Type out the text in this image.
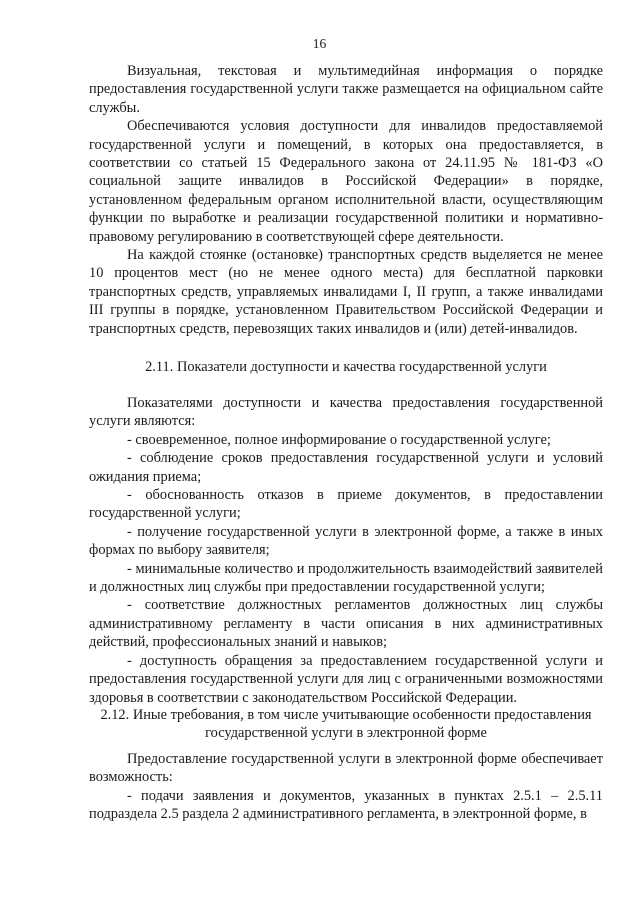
16

Визуальная, текстовая и мультимедийная информация о порядке предоставления государственной услуги также размещается на официальном сайте службы.

Обеспечиваются условия доступности для инвалидов предоставляемой государственной услуги и помещений, в которых она предоставляется, в соответствии со статьей 15 Федерального закона от 24.11.95 № 181-ФЗ «О социальной защите инвалидов в Российской Федерации» в порядке, установленном федеральным органом исполнительной власти, осуществляющим функции по выработке и реализации государственной политики и нормативно-правовому регулированию в соответствующей сфере деятельности.

На каждой стоянке (остановке) транспортных средств выделяется не менее 10 процентов мест (но не менее одного места) для бесплатной парковки транспортных средств, управляемых инвалидами I, II групп, а также инвалидами III группы в порядке, установленном Правительством Российской Федерации и транспортных средств, перевозящих таких инвалидов и (или) детей-инвалидов.

2.11. Показатели доступности и качества государственной услуги

Показателями доступности и качества предоставления государственной услуги являются:

- своевременное, полное информирование о государственной услуге;

- соблюдение сроков предоставления государственной услуги и условий ожидания приема;

- обоснованность отказов в приеме документов, в предоставлении государственной услуги;

- получение государственной услуги в электронной форме, а также в иных формах по выбору заявителя;

- минимальные количество и продолжительность взаимодействий заявителей и должностных лиц службы при предоставлении государственной услуги;

- соответствие должностных регламентов должностных лиц службы административному регламенту в части описания в них административных действий, профессиональных знаний и навыков;

- доступность обращения за предоставлением государственной услуги и предоставления государственной услуги для лиц с ограниченными возможностями здоровья в соответствии с законодательством Российской Федерации.

2.12. Иные требования, в том числе учитывающие особенности предоставления

государственной услуги в электронной форме

Предоставление государственной услуги в электронной форме обеспечивает возможность:

- подачи заявления и документов, указанных в пунктах 2.5.1 – 2.5.11 подраздела 2.5 раздела 2 административного регламента, в электронной форме, в
